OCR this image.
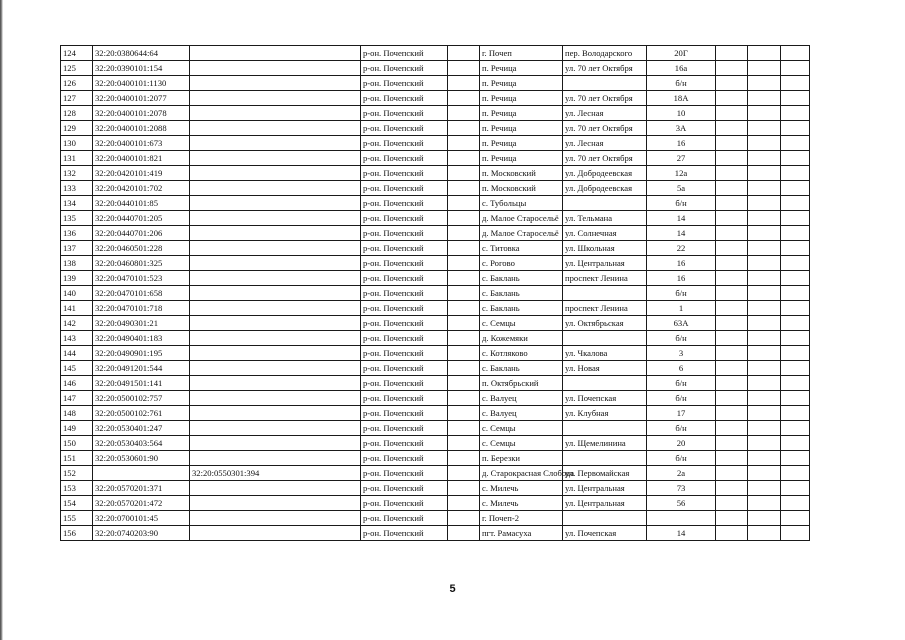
124	32:20:0380644:64		р-он. Почепский		г. Почеп	пер. Володарского	20Г			
125	32:20:0390101:154		р-он. Почепский		п. Речица	ул. 70 лет Октября	16а			
126	32:20:0400101:1130		р-он. Почепский		п. Речица		б/н			
127	32:20:0400101:2077		р-он. Почепский		п. Речица	ул. 70 лет Октября	18А			
128	32:20:0400101:2078		р-он. Почепский		п. Речица	ул. Лесная	10			
129	32:20:0400101:2088		р-он. Почепский		п. Речица	ул. 70 лет Октября	3А			
130	32:20:0400101:673		р-он. Почепский		п. Речица	ул. Лесная	16			
131	32:20:0400101:821		р-он. Почепский		п. Речица	ул. 70 лет Октября	27			
132	32:20:0420101:419		р-он. Почепский		п. Московский	ул. Добродеевская	12а			
133	32:20:0420101:702		р-он. Почепский		п. Московский	ул. Добродеевская	5а			
134	32:20:0440101:85		р-он. Почепский		с. Тубольцы		б/н			
135	32:20:0440701:205		р-он. Почепский		д. Малое Старосельё	ул. Тельмана	14			
136	32:20:0440701:206		р-он. Почепский		д. Малое Старосельё	ул. Солнечная	14			
137	32:20:0460501:228		р-он. Почепский		с. Титовка	ул. Школьная	22			
138	32:20:0460801:325		р-он. Почепский		с. Рогово	ул. Центральная	16			
139	32:20:0470101:523		р-он. Почепский		с. Баклань	проспект Ленина	16			
140	32:20:0470101:658		р-он. Почепский		с. Баклань		б/н			
141	32:20:0470101:718		р-он. Почепский		с. Баклань	проспект Ленина	1			
142	32:20:0490301:21		р-он. Почепский		с. Семцы	ул. Октябрьская	63А			
143	32:20:0490401:183		р-он. Почепский		д. Кожемяки		б/н			
144	32:20:0490901:195		р-он. Почепский		с. Котляково	ул. Чкалова	3			
145	32:20:0491201:544		р-он. Почепский		с. Баклань	ул. Новая	6			
146	32:20:0491501:141		р-он. Почепский		п. Октябрьский		б/н			
147	32:20:0500102:757		р-он. Почепский		с. Валуец	ул. Почепская	б/н			
148	32:20:0500102:761		р-он. Почепский		с. Валуец	ул. Клубная	17			
149	32:20:0530401:247		р-он. Почепский		с. Семцы		б/н			
150	32:20:0530403:564		р-он. Почепский		с. Семцы	ул. Щемелинина	20			
151	32:20:0530601:90		р-он. Почепский		п. Березки		б/н			
152		32:20:0550301:394	р-он. Почепский		д. Старокрасная Слобода	ул. Первомайская	2а			
153	32:20:0570201:371		р-он. Почепский		с. Милечь	ул. Центральная	73			
154	32:20:0570201:472		р-он. Почепский		с. Милечь	ул. Центральная	56			
155	32:20:0700101:45		р-он. Почепский		г. Почеп-2					
156	32:20:0740203:90		р-он. Почепский		пгт. Рамасуха	ул. Почепская	14			
5
